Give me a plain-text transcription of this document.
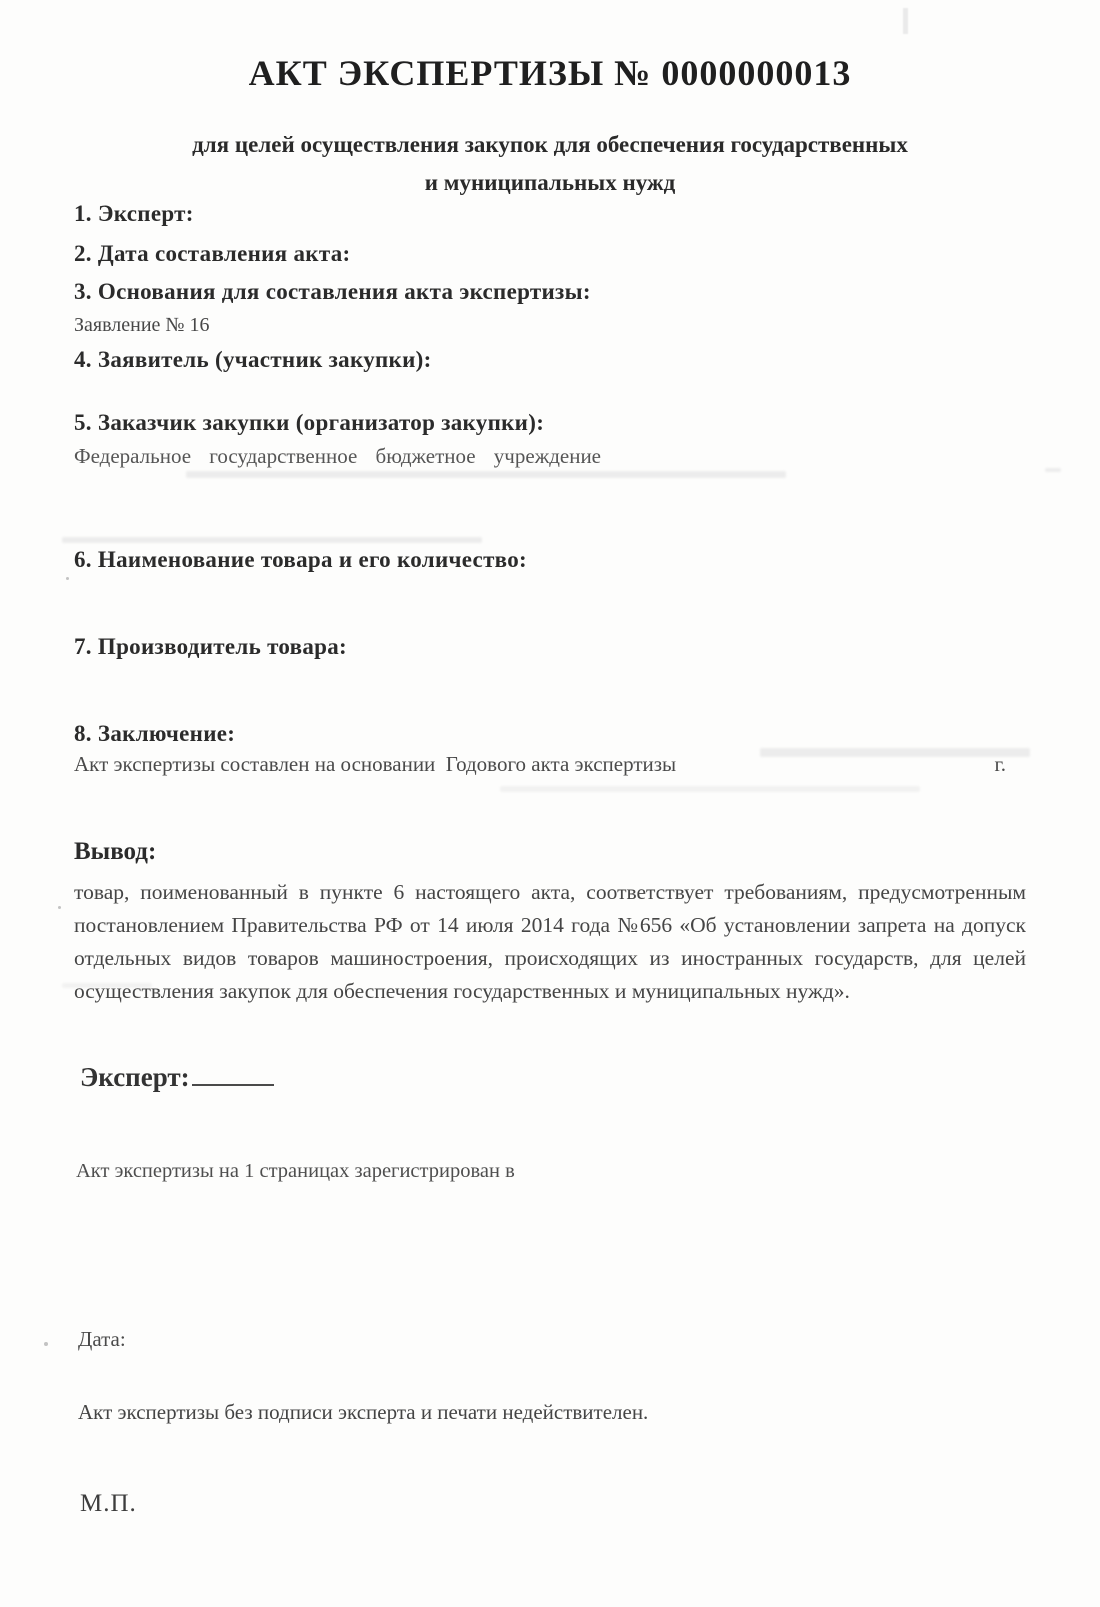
АКТ ЭКСПЕРТИЗЫ № 0000000013
для целей осуществления закупок для обеспечения государственных
и муниципальных нужд
1. Эксперт:
2. Дата составления акта:
3. Основания для составления акта экспертизы:
Заявление № 16
4. Заявитель (участник закупки):
5. Заказчик закупки (организатор закупки):
Федеральное государственное бюджетное учреждение
6. Наименование товара и его количество:
7. Производитель товара:
8. Заключение:
Акт экспертизы составлен на основании  Годового акта экспертизы	г.
Вывод:
товар, поименованный в пункте 6 настоящего акта, соответствует требованиям, предусмотренным постановлением Правительства РФ от 14 июля 2014 года №656 «Об установлении запрета на допуск отдельных видов товаров машиностроения, происходящих из иностранных государств, для целей осуществления закупок для обеспечения государственных и муниципальных нужд».
Эксперт:
Акт экспертизы на 1 страницах зарегистрирован в
Дата:
Акт экспертизы без подписи эксперта и печати недействителен.
М.П.
